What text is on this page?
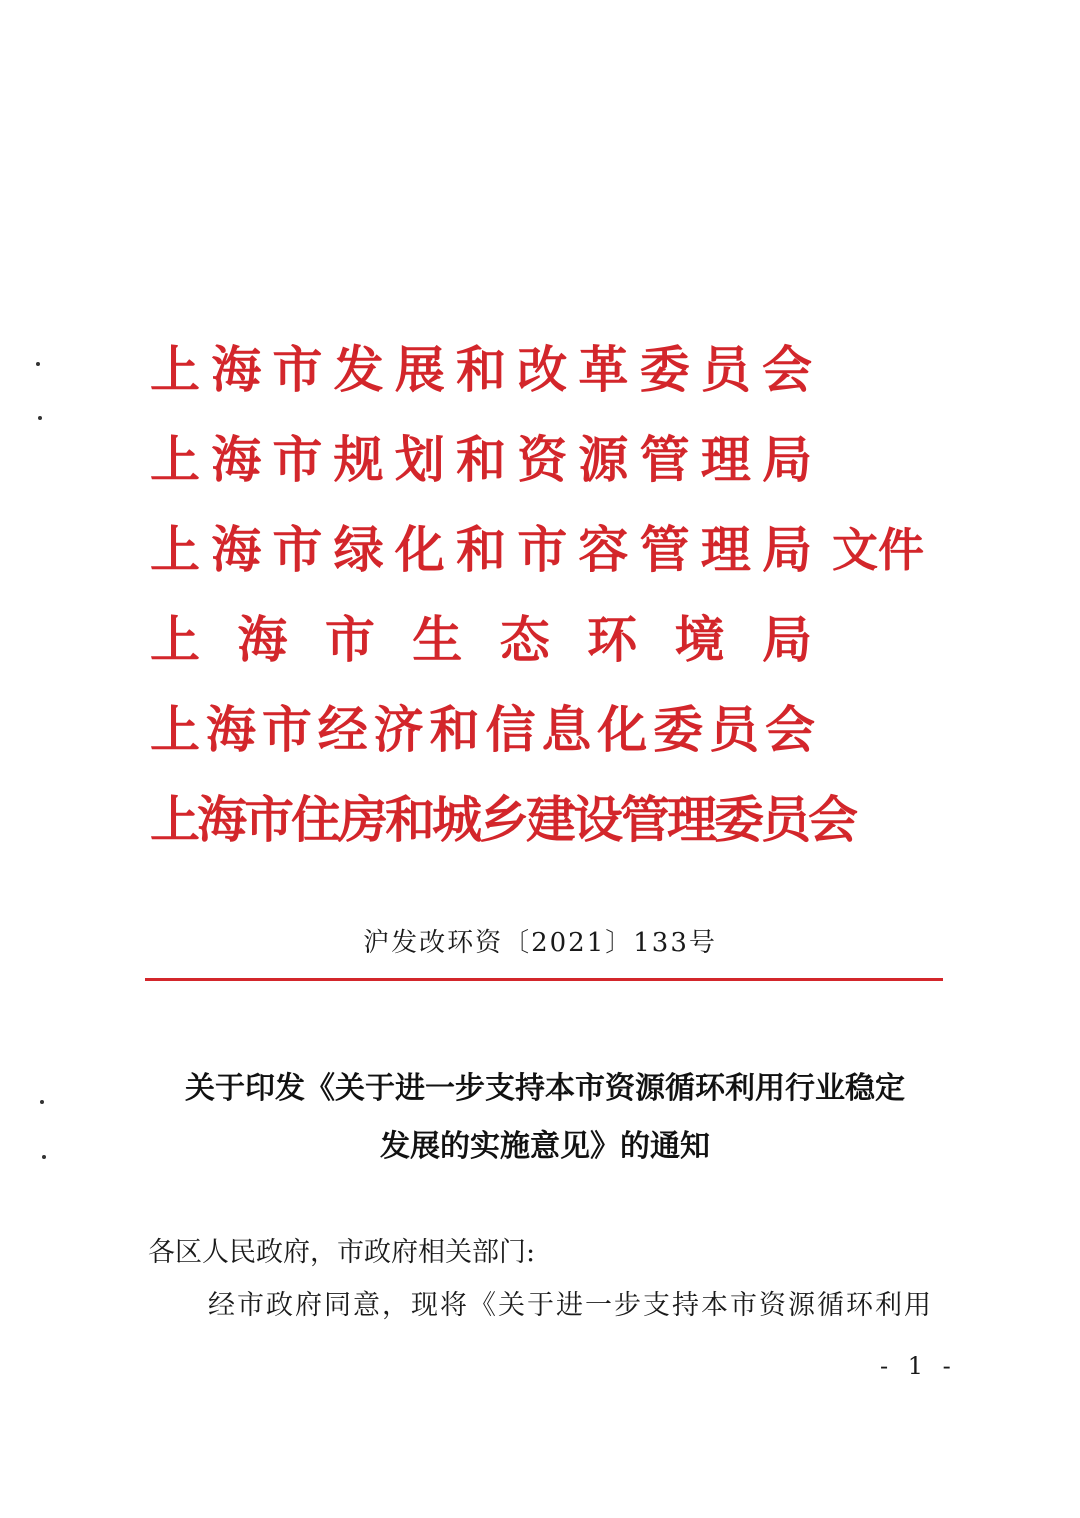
上海市发展和改革委员会
上海市规划和资源管理局
上海市绿化和市容管理局 文件
上海市生态环境局
上海市经济和信息化委员会
上海市住房和城乡建设管理委员会
沪发改环资〔2021〕133号
关于印发《关于进一步支持本市资源循环利用行业稳定
发展的实施意见》的通知
各区人民政府，市政府相关部门:
经市政府同意，现将《关于进一步支持本市资源循环利用
- 1 -
